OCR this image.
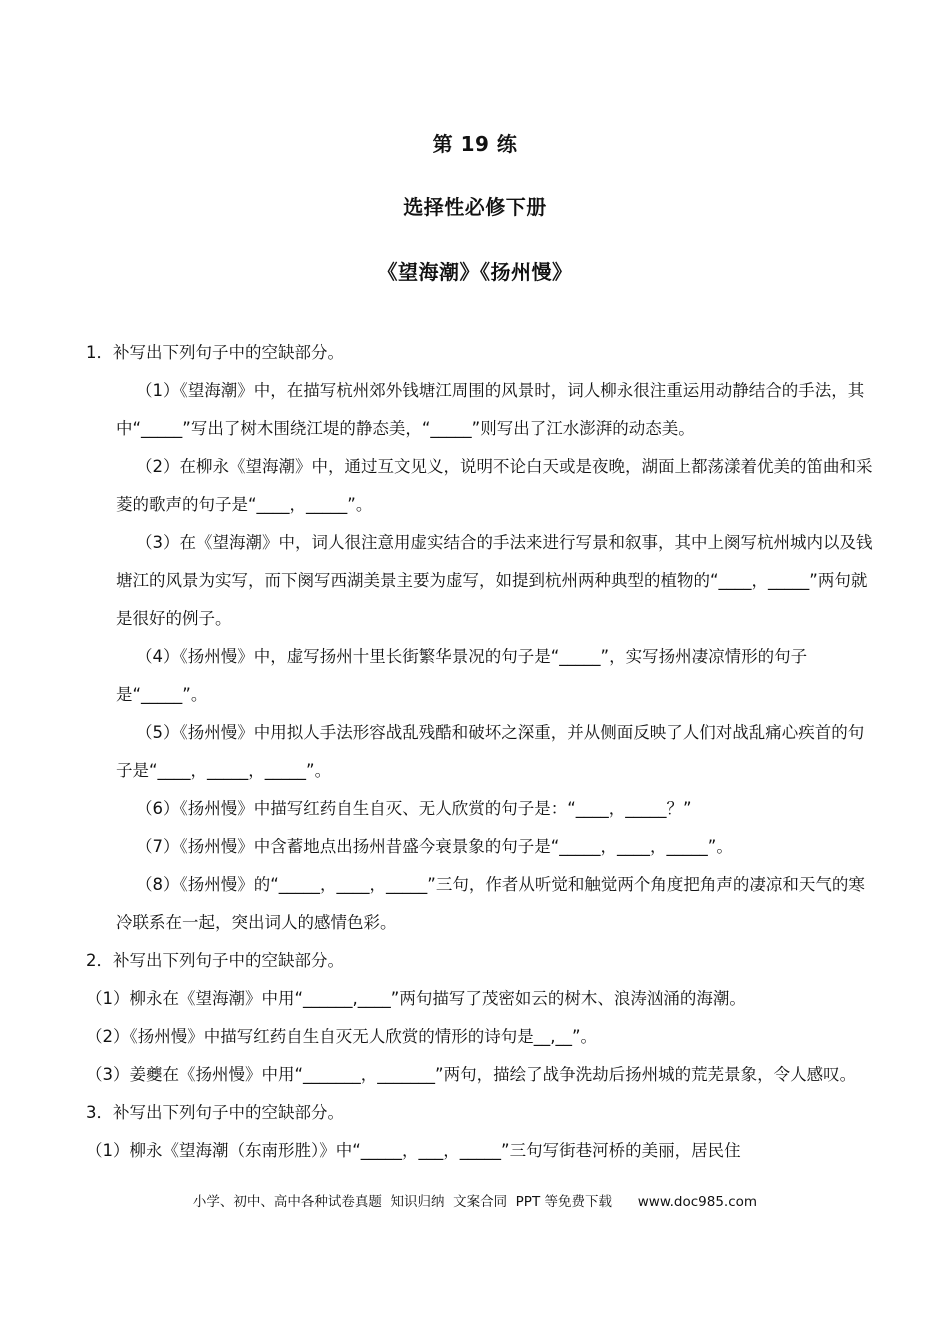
第 19 练
选择性必修下册
《望海潮》《扬州慢》

1．补写出下列句子中的空缺部分。

（1）《望海潮》中，在描写杭州郊外钱塘江周围的风景时，词人柳永很注重运用动静结合的手法，其中“_____”写出了树木围绕江堤的静态美，“_____”则写出了江水澎湃的动态美。

（2）在柳永《望海潮》中，通过互文见义，说明不论白天或是夜晚，湖面上都荡漾着优美的笛曲和采菱的歌声的句子是“____，_____”。

（3）在《望海潮》中，词人很注意用虚实结合的手法来进行写景和叙事，其中上阕写杭州城内以及钱塘江的风景为实写，而下阕写西湖美景主要为虚写，如提到杭州两种典型的植物的“____，_____”两句就是很好的例子。

（4）《扬州慢》中，虚写扬州十里长街繁华景况的句子是“_____”，实写扬州凄凉情形的句子是“_____”。

（5）《扬州慢》中用拟人手法形容战乱残酷和破坏之深重，并从侧面反映了人们对战乱痛心疾首的句子是“____，_____，_____”。

（6）《扬州慢》中描写红药自生自灭、无人欣赏的句子是：“____，_____？”

（7）《扬州慢》中含蓄地点出扬州昔盛今衰景象的句子是“_____，____，_____”。

（8）《扬州慢》的“_____，____，_____”三句，作者从听觉和触觉两个角度把角声的凄凉和天气的寒冷联系在一起，突出词人的感情色彩。

2．补写出下列句子中的空缺部分。

（1）柳永在《望海潮》中用“______,____”两句描写了茂密如云的树木、浪涛汹涌的海潮。

（2）《扬州慢》中描写红药自生自灭无人欣赏的情形的诗句是__,__”。

（3）姜夔在《扬州慢》中用“_______，_______”两句，描绘了战争洗劫后扬州城的荒芜景象，令人感叹。

3．补写出下列句子中的空缺部分。

（1）柳永《望海潮（东南形胜）》中“_____，___，_____”三句写街巷河桥的美丽，居民住

小学、初中、高中各种试卷真题  知识归纳  文案合同  PPT 等免费下载      www.doc985.com
